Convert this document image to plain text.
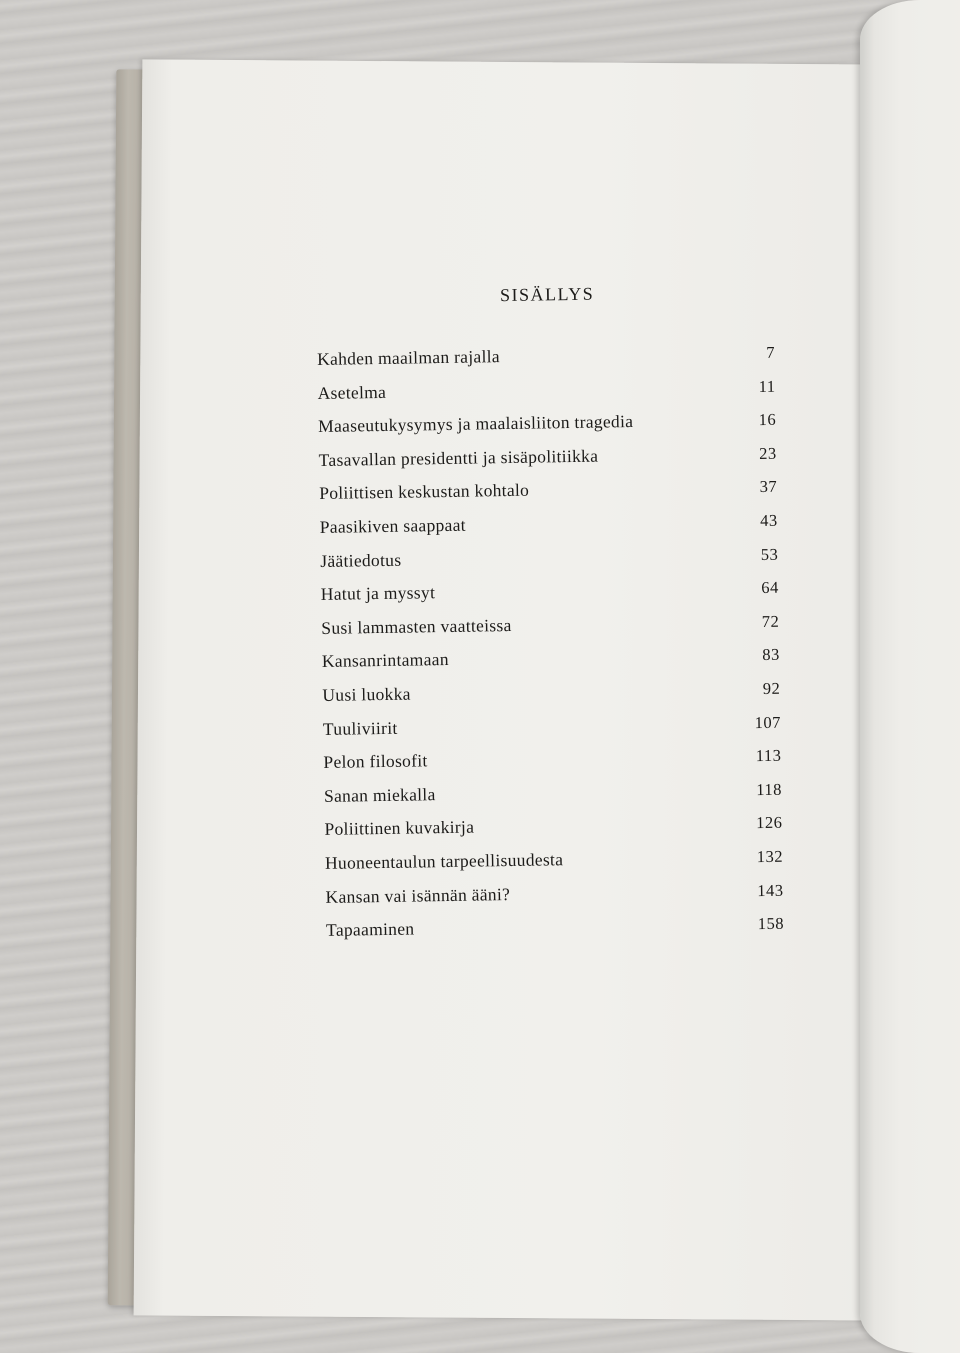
SISÄLLYS
Kahden maailman rajalla	7
Asetelma	11
Maaseutukysymys ja maalaisliiton tragedia	16
Tasavallan presidentti ja sisäpolitiikka	23
Poliittisen keskustan kohtalo	37
Paasikiven saappaat	43
Jäätiedotus	53
Hatut ja myssyt	64
Susi lammasten vaatteissa	72
Kansanrintamaan	83
Uusi luokka	92
Tuuliviirit	107
Pelon filosofit	113
Sanan miekalla	118
Poliittinen kuvakirja	126
Huoneentaulun tarpeellisuudesta	132
Kansan vai isännän ääni?	143
Tapaaminen	158
